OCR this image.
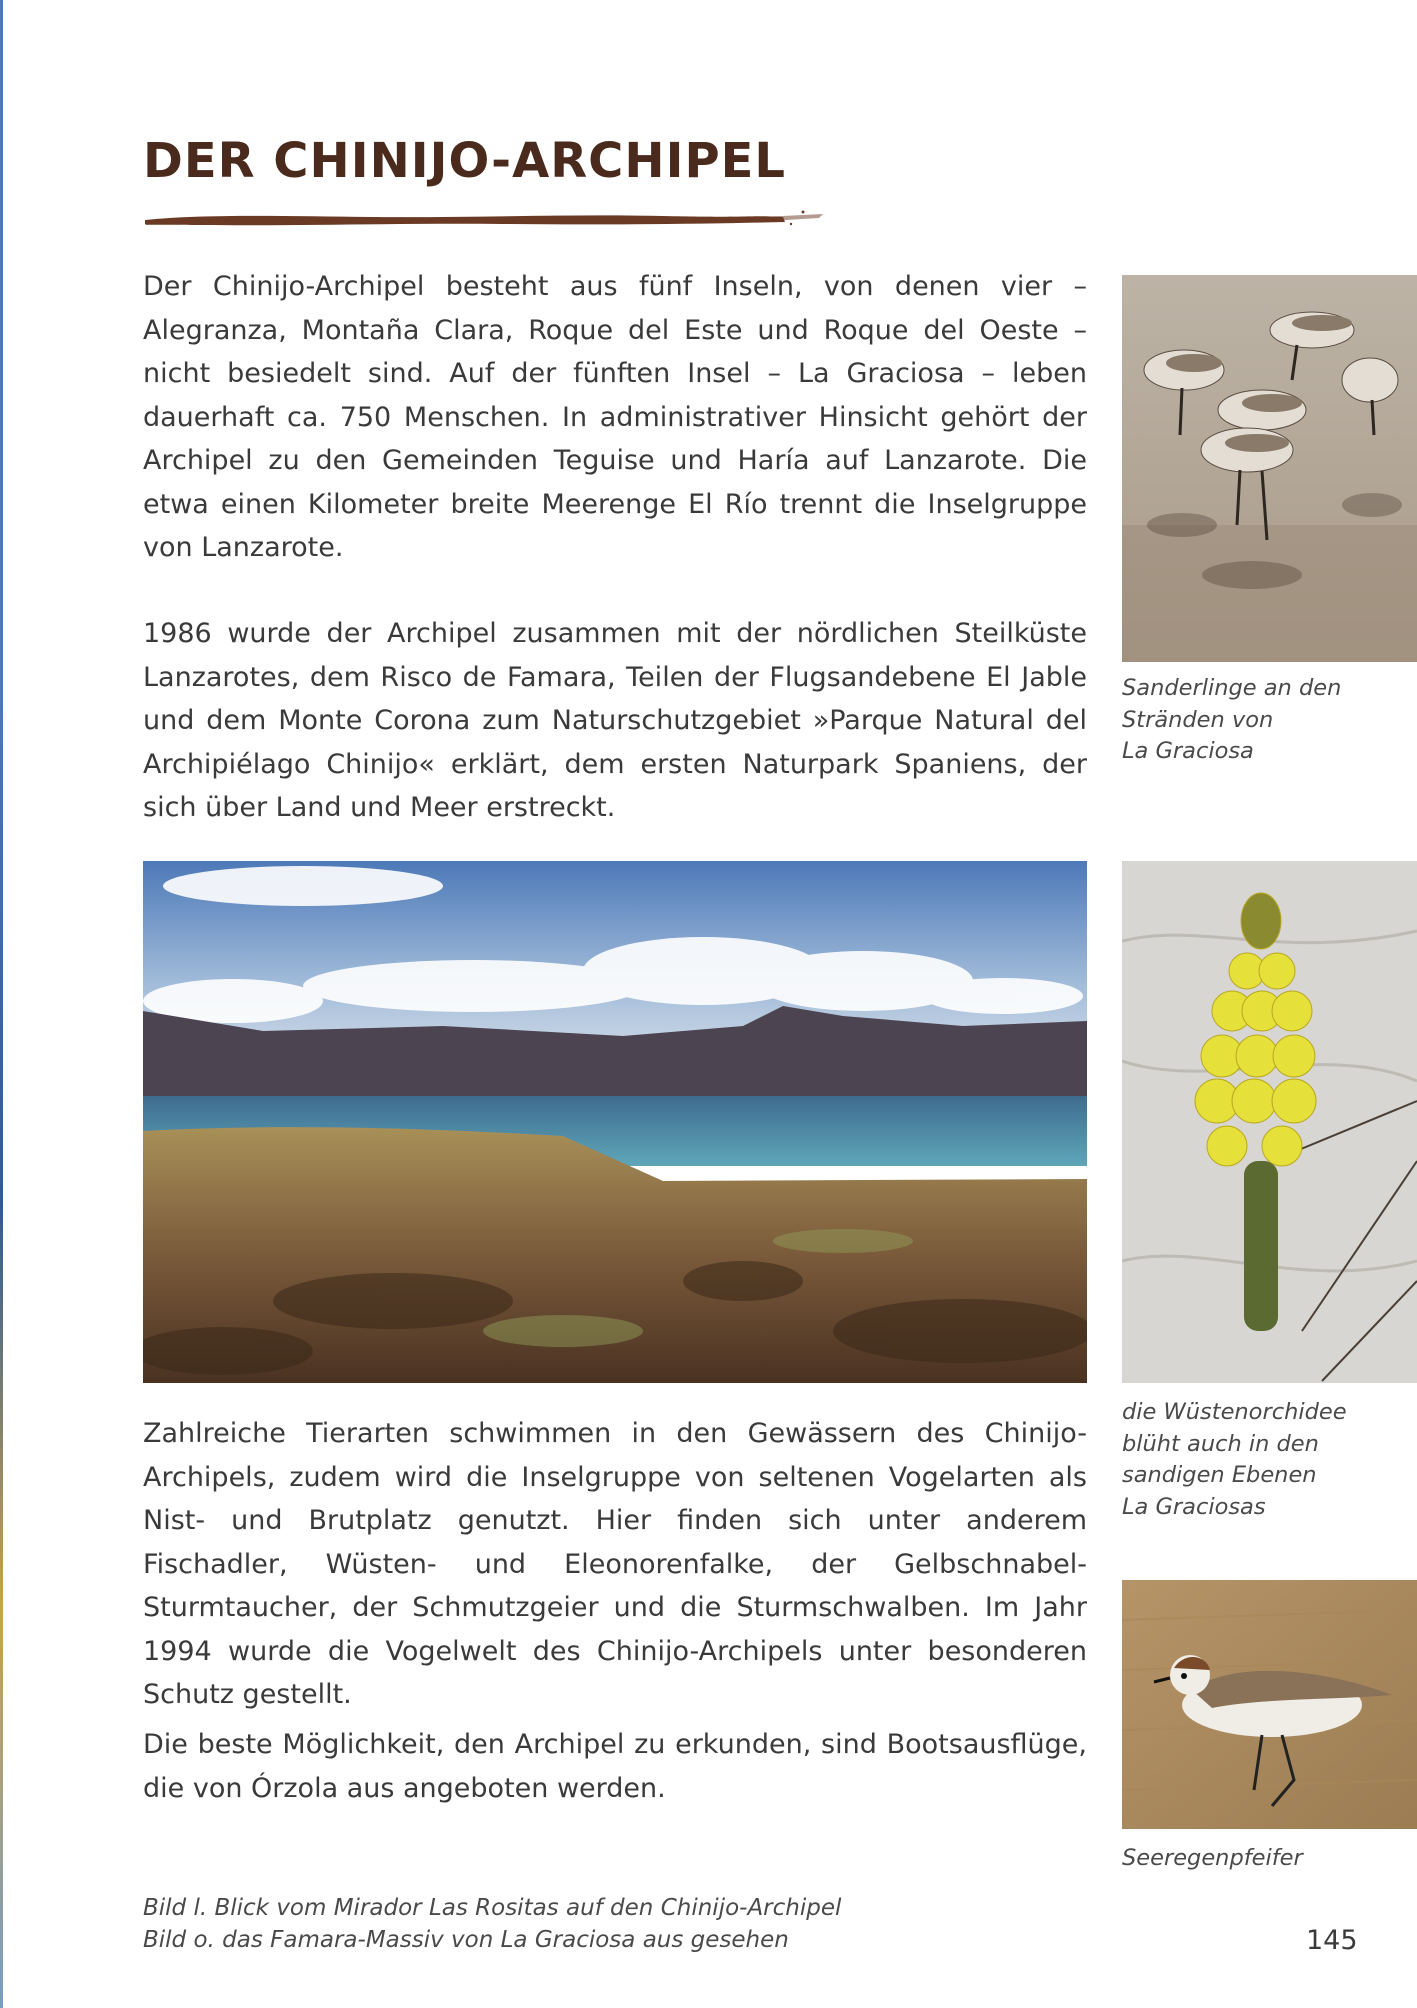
DER CHINIJO-ARCHIPEL

Der Chinijo-Archipel besteht aus fünf Inseln, von denen vier – Alegranza, Montaña Clara, Roque del Este und Roque del Oeste – nicht besiedelt sind. Auf der fünften Insel – La Graciosa – leben dauerhaft ca. 750 Menschen. In administrativer Hinsicht gehört der Archipel zu den Gemeinden Teguise und Haría auf Lanzarote. Die etwa einen Kilometer breite Meerenge El Río trennt die Inselgruppe von Lanzarote.

1986 wurde der Archipel zusammen mit der nördlichen Steilküste Lanzarotes, dem Risco de Famara, Teilen der Flugsandebene El Jable und dem Monte Corona zum Naturschutzgebiet »Parque Natural del Archipiélago Chinijo« erklärt, dem ersten Naturpark Spaniens, der sich über Land und Meer erstreckt.

Zahlreiche Tierarten schwimmen in den Gewässern des Chinijo-Archipels, zudem wird die Inselgruppe von seltenen Vogelarten als Nist- und Brutplatz genutzt. Hier finden sich unter anderem Fischadler, Wüsten- und Eleonorenfalke, der Gelbschnabel-Sturmtaucher, der Schmutzgeier und die Sturmschwalben. Im Jahr 1994 wurde die Vogelwelt des Chinijo-Archipels unter besonderen Schutz gestellt.

Die beste Möglichkeit, den Archipel zu erkunden, sind Bootsausflüge, die von Órzola aus angeboten werden.

Sanderlinge an den
Stränden von
La Graciosa

die Wüstenorchidee
blüht auch in den
sandigen Ebenen
La Graciosas

Seeregenpfeifer

Bild l. Blick vom Mirador Las Rositas auf den Chinijo-Archipel
Bild o. das Famara-Massiv von La Graciosa aus gesehen	145
